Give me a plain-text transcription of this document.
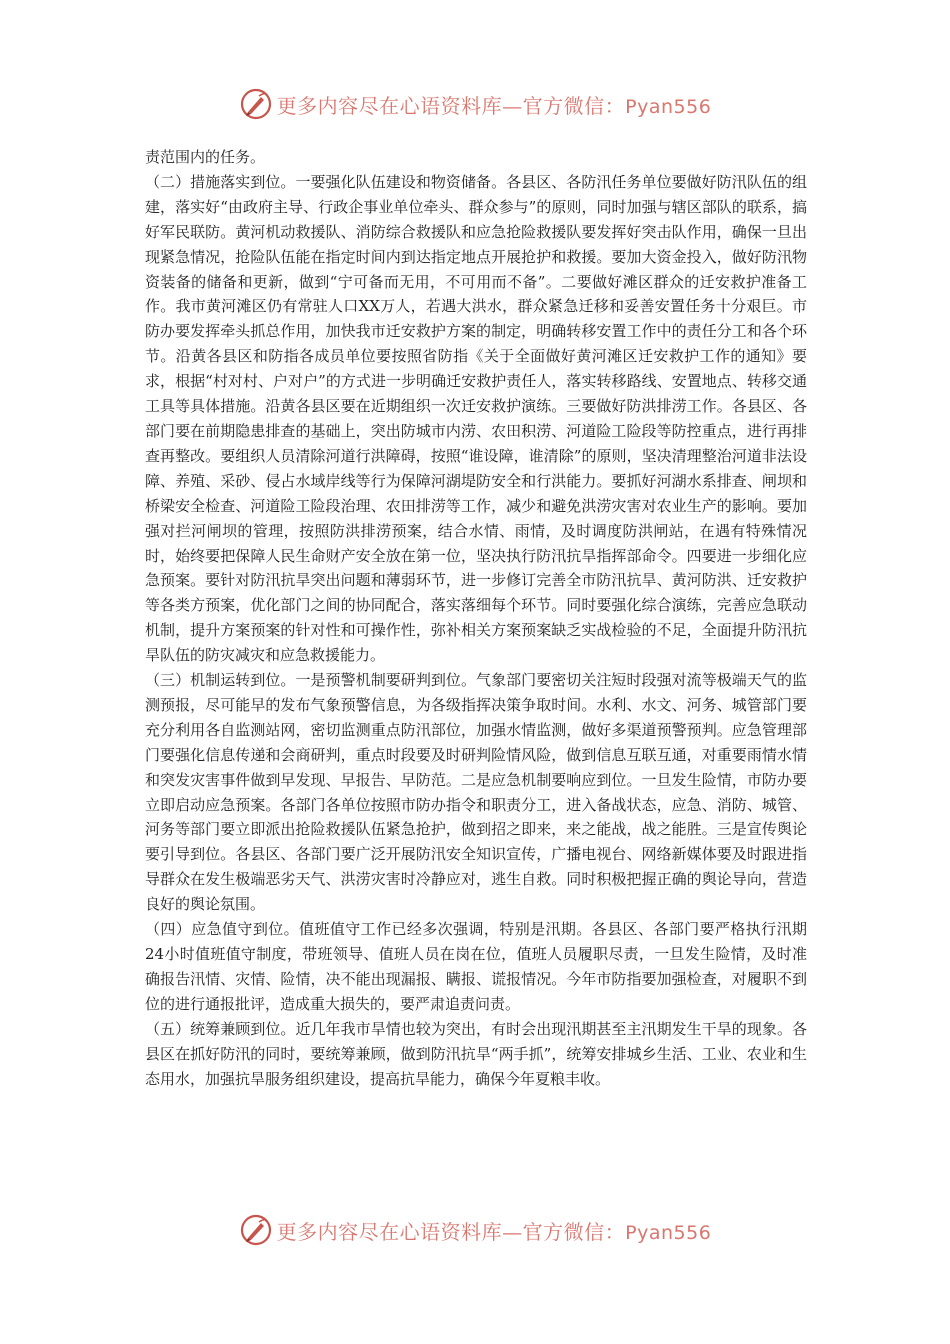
更多内容尽在心语资料库—官方微信：Pyan556

责范围内的任务。

（二）措施落实到位。一要强化队伍建设和物资储备。各县区、各防汛任务单位要做好防汛队伍的组建，落实好“由政府主导、行政企事业单位牵头、群众参与”的原则，同时加强与辖区部队的联系，搞好军民联防。黄河机动救援队、消防综合救援队和应急抢险救援队要发挥好突击队作用，确保一旦出现紧急情况，抢险队伍能在指定时间内到达指定地点开展抢护和救援。要加大资金投入，做好防汛物资装备的储备和更新，做到“宁可备而无用，不可用而不备”。二要做好滩区群众的迁安救护准备工作。我市黄河滩区仍有常驻人口XX万人，若遇大洪水，群众紧急迁移和妥善安置任务十分艰巨。市防办要发挥牵头抓总作用，加快我市迁安救护方案的制定，明确转移安置工作中的责任分工和各个环节。沿黄各县区和防指各成员单位要按照省防指《关于全面做好黄河滩区迁安救护工作的通知》要求，根据“村对村、户对户”的方式进一步明确迁安救护责任人，落实转移路线、安置地点、转移交通工具等具体措施。沿黄各县区要在近期组织一次迁安救护演练。三要做好防洪排涝工作。各县区、各部门要在前期隐患排查的基础上，突出防城市内涝、农田积涝、河道险工险段等防控重点，进行再排查再整改。要组织人员清除河道行洪障碍，按照“谁设障，谁清除”的原则，坚决清理整治河道非法设障、养殖、采砂、侵占水域岸线等行为保障河湖堤防安全和行洪能力。要抓好河湖水系排查、闸坝和桥梁安全检查、河道险工险段治理、农田排涝等工作，减少和避免洪涝灾害对农业生产的影响。要加强对拦河闸坝的管理，按照防洪排涝预案，结合水情、雨情，及时调度防洪闸站，在遇有特殊情况时，始终要把保障人民生命财产安全放在第一位，坚决执行防汛抗旱指挥部命令。四要进一步细化应急预案。要针对防汛抗旱突出问题和薄弱环节，进一步修订完善全市防汛抗旱、黄河防洪、迁安救护等各类方预案，优化部门之间的协同配合，落实落细每个环节。同时要强化综合演练，完善应急联动机制，提升方案预案的针对性和可操作性，弥补相关方案预案缺乏实战检验的不足，全面提升防汛抗旱队伍的防灾减灾和应急救援能力。

（三）机制运转到位。一是预警机制要研判到位。气象部门要密切关注短时段强对流等极端天气的监测预报，尽可能早的发布气象预警信息，为各级指挥决策争取时间。水利、水文、河务、城管部门要充分利用各自监测站网，密切监测重点防汛部位，加强水情监测，做好多渠道预警预判。应急管理部门要强化信息传递和会商研判，重点时段要及时研判险情风险，做到信息互联互通，对重要雨情水情和突发灾害事件做到早发现、早报告、早防范。二是应急机制要响应到位。一旦发生险情，市防办要立即启动应急预案。各部门各单位按照市防办指令和职责分工，进入备战状态，应急、消防、城管、河务等部门要立即派出抢险救援队伍紧急抢护，做到招之即来，来之能战，战之能胜。三是宣传舆论要引导到位。各县区、各部门要广泛开展防汛安全知识宣传，广播电视台、网络新媒体要及时跟进指导群众在发生极端恶劣天气、洪涝灾害时冷静应对，逃生自救。同时积极把握正确的舆论导向，营造良好的舆论氛围。

（四）应急值守到位。值班值守工作已经多次强调，特别是汛期。各县区、各部门要严格执行汛期24小时值班值守制度，带班领导、值班人员在岗在位，值班人员履职尽责，一旦发生险情，及时准确报告汛情、灾情、险情，决不能出现漏报、瞒报、谎报情况。今年市防指要加强检查，对履职不到位的进行通报批评，造成重大损失的，要严肃追责问责。

（五）统筹兼顾到位。近几年我市旱情也较为突出，有时会出现汛期甚至主汛期发生干旱的现象。各县区在抓好防汛的同时，要统筹兼顾，做到防汛抗旱“两手抓”，统筹安排城乡生活、工业、农业和生态用水，加强抗旱服务组织建设，提高抗旱能力，确保今年夏粮丰收。

更多内容尽在心语资料库—官方微信：Pyan556
